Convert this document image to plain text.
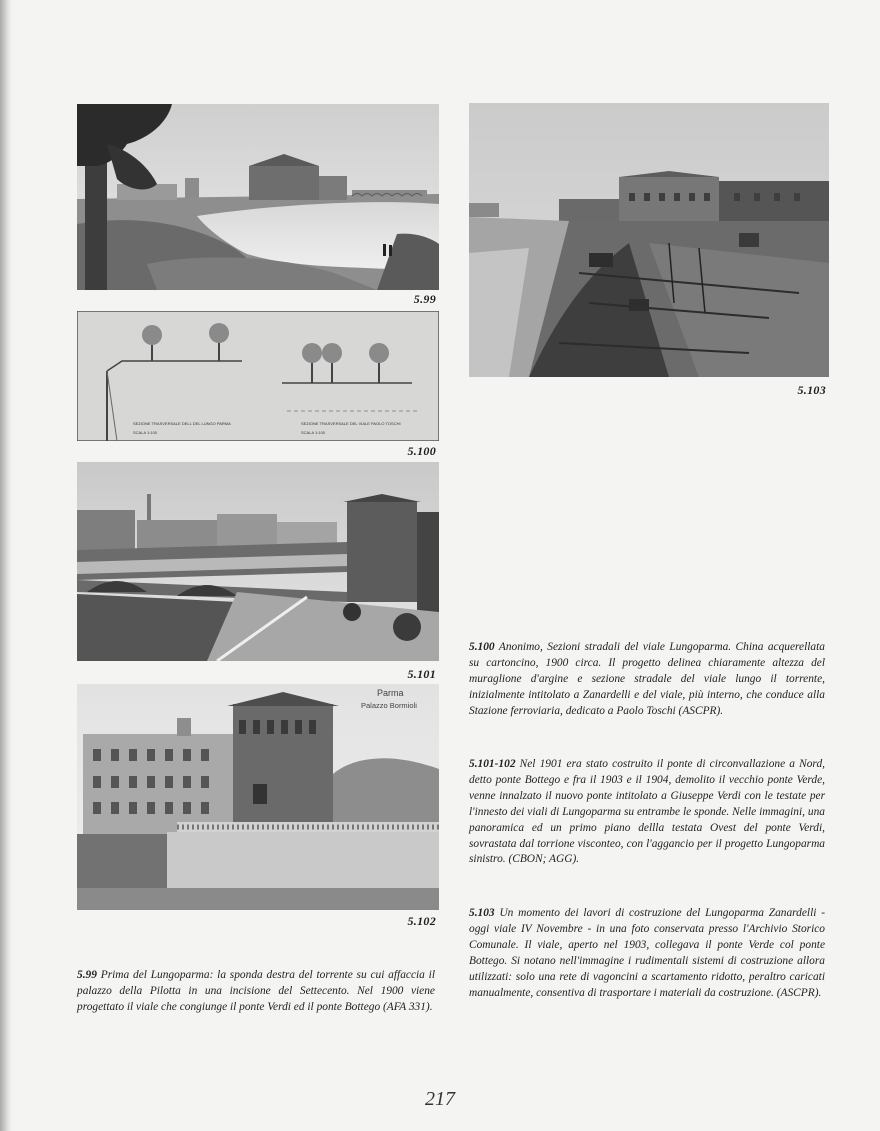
5.99
SEZIONE TRASVERSALE DELL DEL LUNGO PARMA
SCALA 1:100
SEZIONE TRASVERSALE DEL VIALE PAOLO TOSCHI
SCALA 1:100
5.100
5.101
Parma
Palazzo Bormioli
5.102
5.103
5.100 Anonimo, Sezioni stradali del viale Lungoparma. China acquerellata su cartoncino, 1900 circa. Il progetto delinea chiaramente altezza del muraglione d'argine e sezione stradale del viale lungo il torrente, inizialmente intitolato a Zanardelli e del viale, più interno, che conduce alla Stazione ferroviaria, dedicato a Paolo Toschi (ASCPR).
5.101-102 Nel 1901 era stato costruito il ponte di circonvallazione a Nord, detto ponte Bottego e fra il 1903 e il 1904, demolito il vecchio ponte Verde, venne innalzato il nuovo ponte intitolato a Giuseppe Verdi con le testate per l'innesto dei viali di Lungoparma su entrambe le sponde. Nelle immagini, una panoramica ed un primo piano dellla testata Ovest del ponte Verdi, sovrastata dal torrione visconteo, con l'aggancio per il progetto Lungoparma sinistro. (CBON; AGG).
5.103 Un momento dei lavori di costruzione del Lungoparma Zanardelli - oggi viale IV Novembre - in una foto conservata presso l'Archivio Storico Comunale. Il viale, aperto nel 1903, collegava il ponte Verde col ponte Bottego. Si notano nell'immagine i rudimentali sistemi di costruzione allora utilizzati: solo una rete di vagoncini a scartamento ridotto, peraltro caricati manualmente, consentiva di trasportare i materiali da costruzione. (ASCPR).
5.99 Prima del Lungoparma: la sponda destra del torrente su cui affaccia il palazzo della Pilotta in una incisione del Settecento. Nel 1900 viene progettato il viale che congiunge il ponte Verdi ed il ponte Bottego (AFA 331).
217
